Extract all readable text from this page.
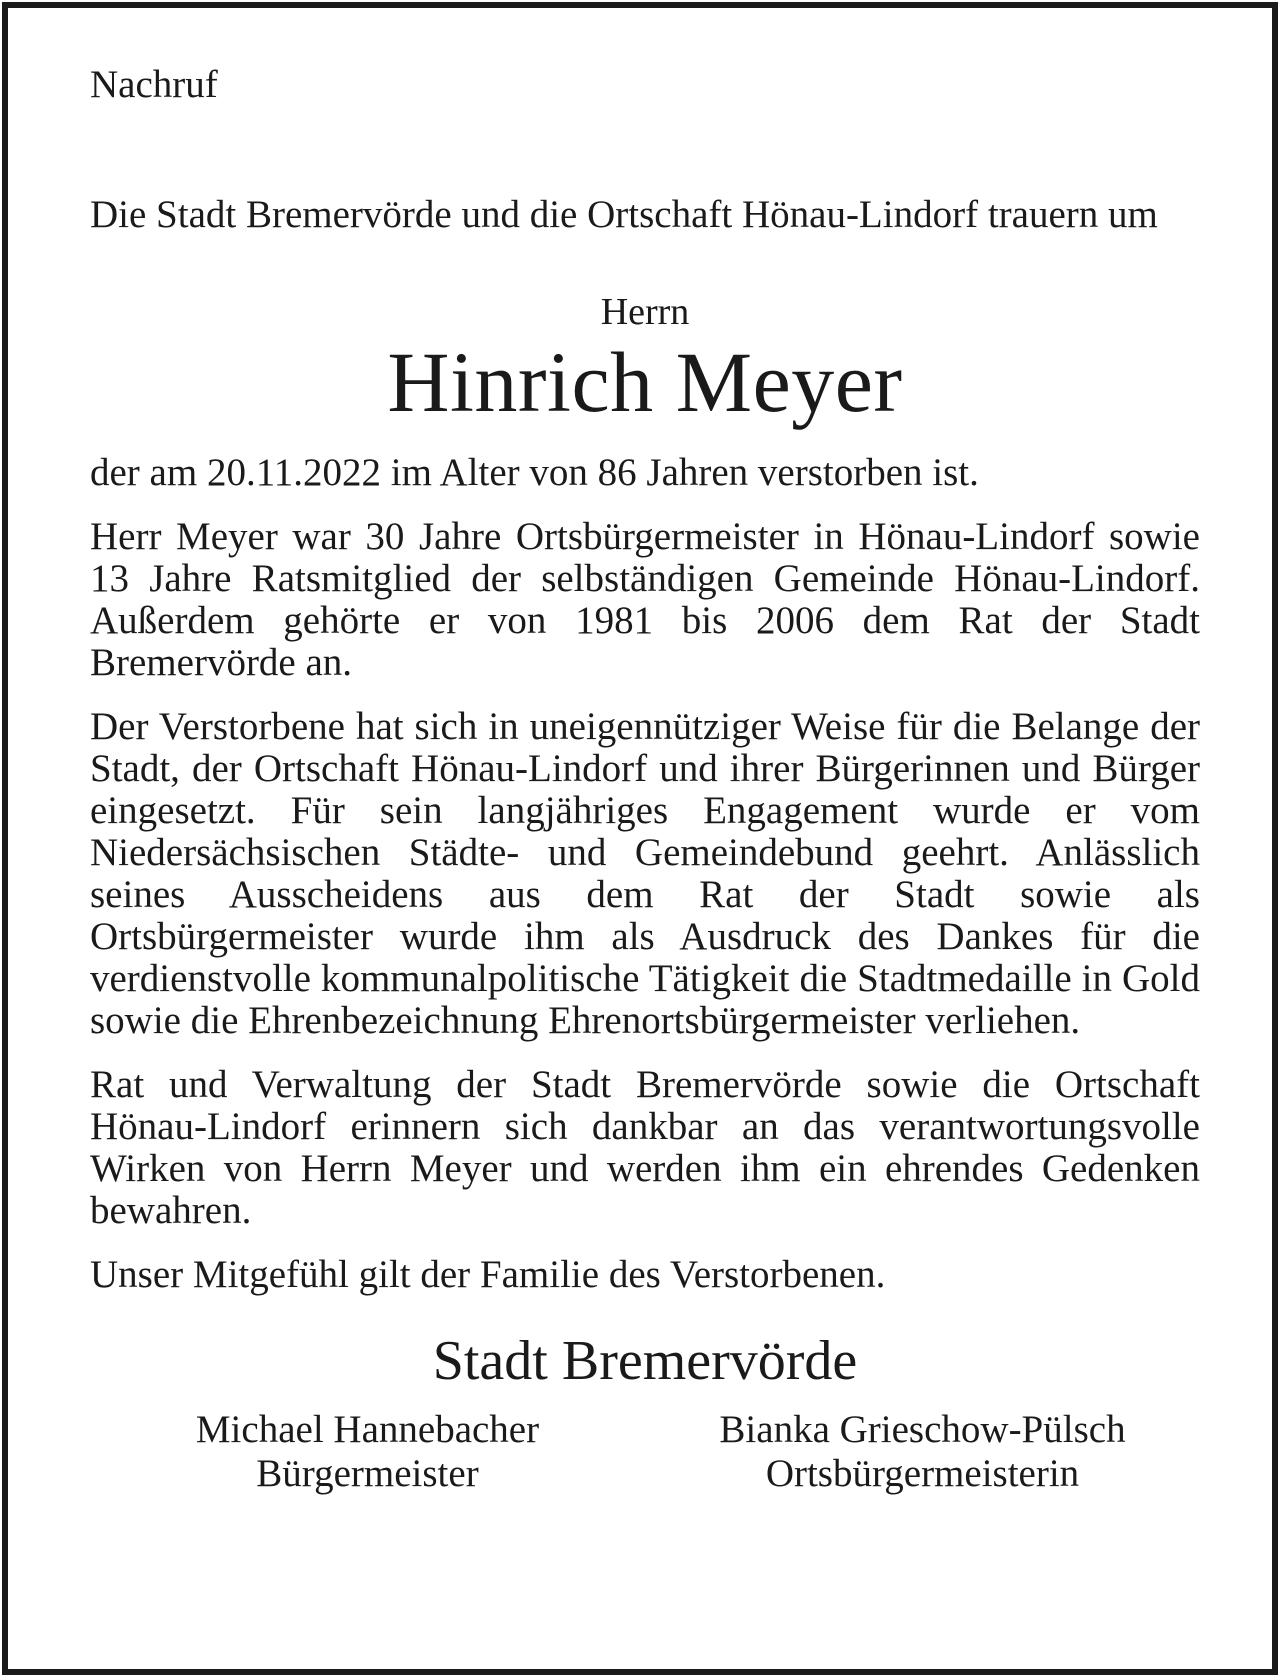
Nachruf

Die Stadt Bremervörde und die Ortschaft Hönau-Lindorf trauern um

Herrn

Hinrich Meyer

der am 20.11.2022 im Alter von 86 Jahren verstorben ist.

Herr Meyer war 30 Jahre Ortsbürgermeister in Hönau-Lindorf sowie 13 Jahre Ratsmitglied der selbständigen Gemeinde Hönau-Lindorf. Außerdem gehörte er von 1981 bis 2006 dem Rat der Stadt Bremervörde an.

Der Verstorbene hat sich in uneigennütziger Weise für die Belange der Stadt, der Ortschaft Hönau-Lindorf und ihrer Bürgerinnen und Bürger eingesetzt. Für sein langjähriges Engagement wurde er vom Niedersächsischen Städte- und Gemeindebund geehrt. Anlässlich seines Ausscheidens aus dem Rat der Stadt sowie als Ortsbürgermeister wurde ihm als Ausdruck des Dankes für die verdienstvolle kommunalpolitische Tätigkeit die Stadtmedaille in Gold sowie die Ehrenbezeichnung Ehrenortsbürgermeister verliehen.

Rat und Verwaltung der Stadt Bremervörde sowie die Ortschaft Hönau-Lindorf erinnern sich dankbar an das verantwortungsvolle Wirken von Herrn Meyer und werden ihm ein ehrendes Gedenken bewahren.

Unser Mitgefühl gilt der Familie des Verstorbenen.

Stadt Bremervörde

Michael Hannebacher
Bürgermeister
Bianka Grieschow-Pülsch
Ortsbürgermeisterin
